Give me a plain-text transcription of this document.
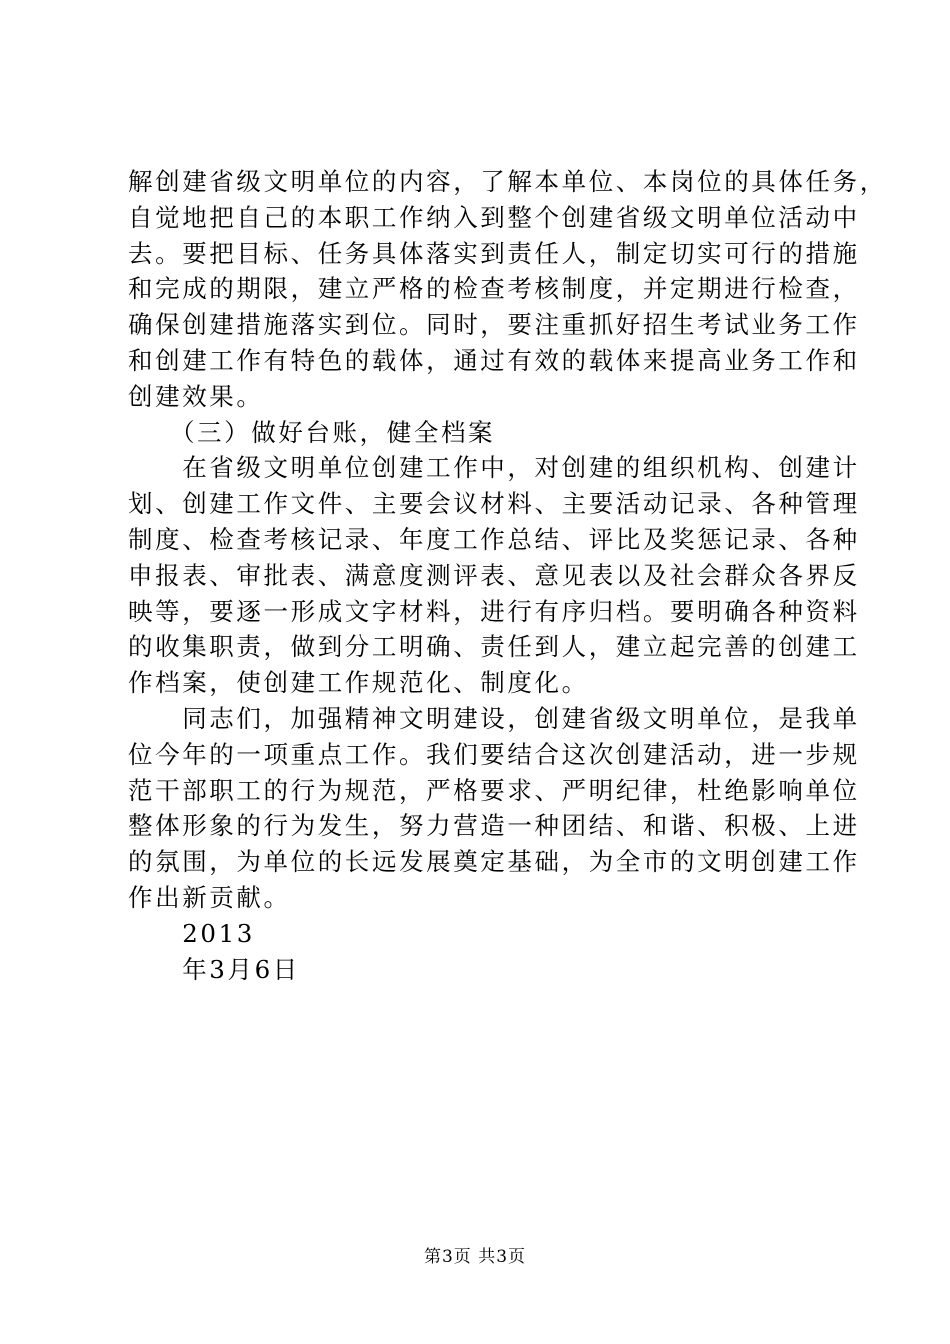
解创建省级文明单位的内容，了解本单位、本岗位的具体任务，
自觉地把自己的本职工作纳入到整个创建省级文明单位活动中
去。要把目标、任务具体落实到责任人，制定切实可行的措施
和完成的期限，建立严格的检查考核制度，并定期进行检查，
确保创建措施落实到位。同时，要注重抓好招生考试业务工作
和创建工作有特色的载体，通过有效的载体来提高业务工作和
创建效果。
　　（三）做好台账，健全档案
　　在省级文明单位创建工作中，对创建的组织机构、创建计
划、创建工作文件、主要会议材料、主要活动记录、各种管理
制度、检查考核记录、年度工作总结、评比及奖惩记录、各种
申报表、审批表、满意度测评表、意见表以及社会群众各界反
映等，要逐一形成文字材料，进行有序归档。要明确各种资料
的收集职责，做到分工明确、责任到人，建立起完善的创建工
作档案，使创建工作规范化、制度化。
　　同志们，加强精神文明建设，创建省级文明单位，是我单
位今年的一项重点工作。我们要结合这次创建活动，进一步规
范干部职工的行为规范，严格要求、严明纪律，杜绝影响单位
整体形象的行为发生，努力营造一种团结、和谐、积极、上进
的氛围，为单位的长远发展奠定基础，为全市的文明创建工作
作出新贡献。
　　2013
　　年3月6日
第3页 共3页
